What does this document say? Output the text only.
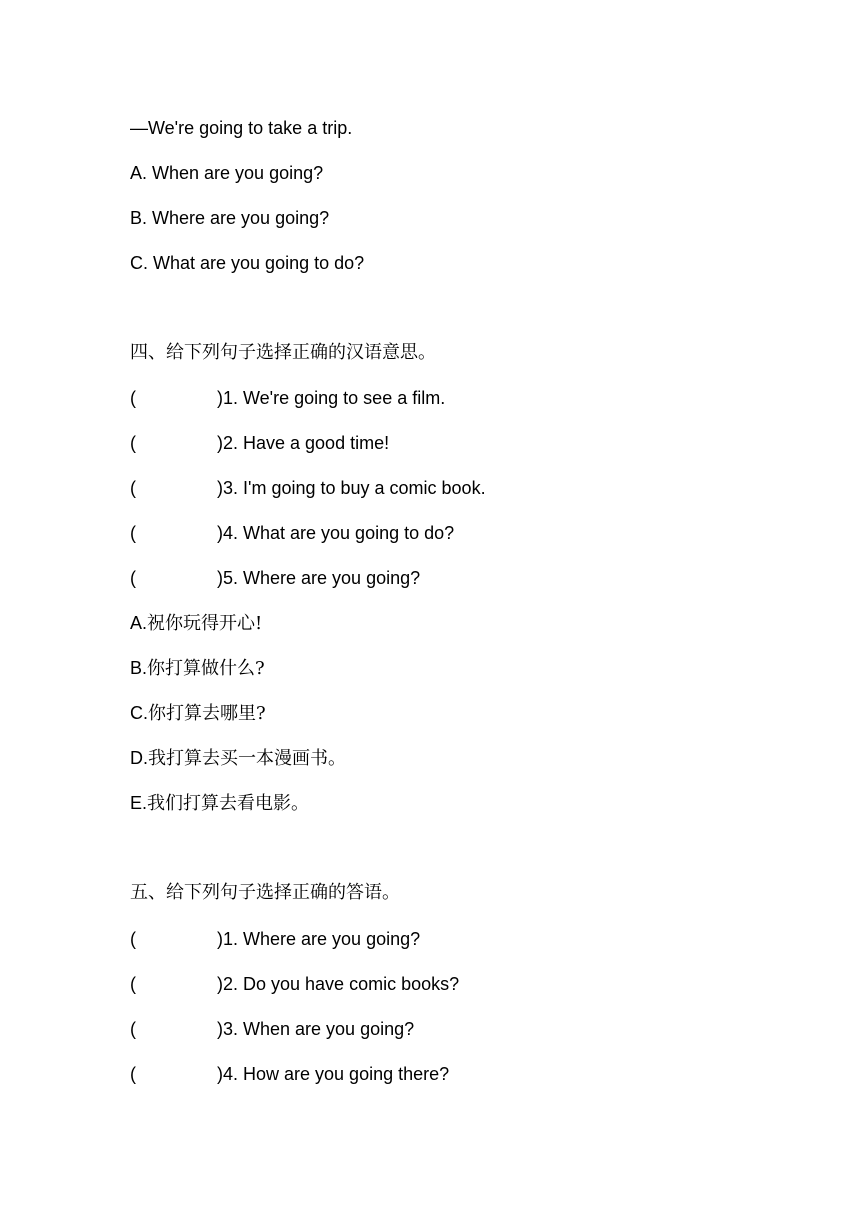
—We're going to take a trip.
A. When are you going?
B. Where are you going?
C. What are you going to do?
四、给下列句子选择正确的汉语意思。
(	)1. We're going to see a film.
(	)2. Have a good time!
(	)3. I'm going to buy a comic book.
(	)4. What are you going to do?
(	)5. Where are you going?
A.祝你玩得开心!
B.你打算做什么?
C.你打算去哪里?
D.我打算去买一本漫画书。
E.我们打算去看电影。
五、给下列句子选择正确的答语。
(	)1. Where are you going?
(	)2. Do you have comic books?
(	)3. When are you going?
(	)4. How are you going there?
